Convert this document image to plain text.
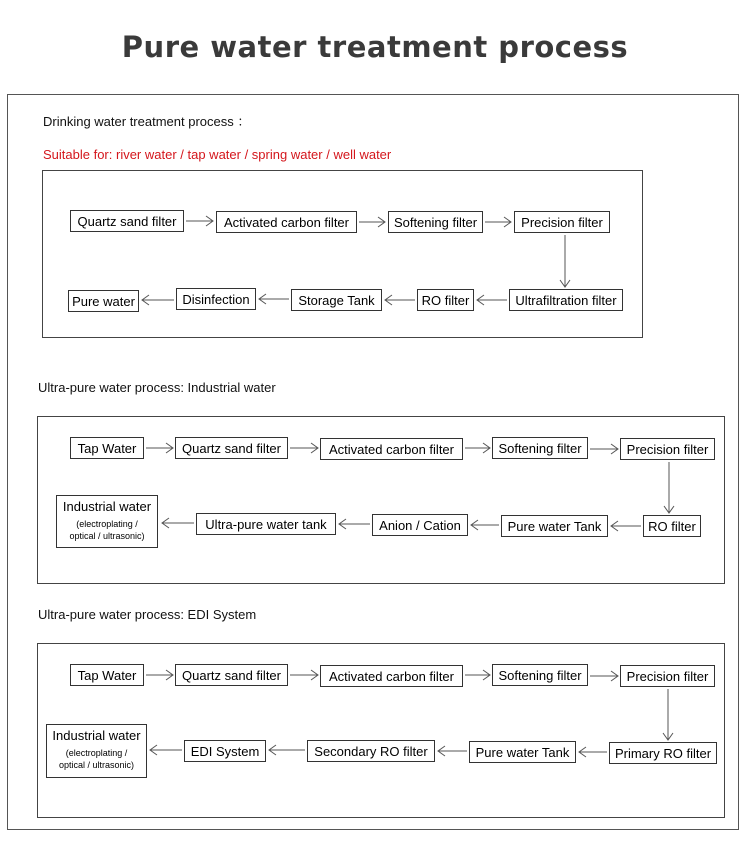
Pure water treatment process
Drinking water treatment process ：
Suitable for: river water / tap water / spring water / well water
Quartz sand filter	Activated carbon filter	Softening filter	Precision filter
Ultrafiltration filter
RO filter
Storage Tank
Disinfection
Pure water
Ultra-pure water process: Industrial water
Tap Water	Quartz sand filter	Activated carbon filter	Softening filter	Precision filter
RO filter
Pure water Tank
Anion / Cation
Ultra-pure water tank
Industrial water
(electroplating /
optical / ultrasonic)
Ultra-pure water process: EDI System
Tap Water	Quartz sand filter	Activated carbon filter	Softening filter	Precision filter
Primary RO filter
Pure water Tank
Secondary RO filter
EDI System
Industrial water
(electroplating /
optical / ultrasonic)
